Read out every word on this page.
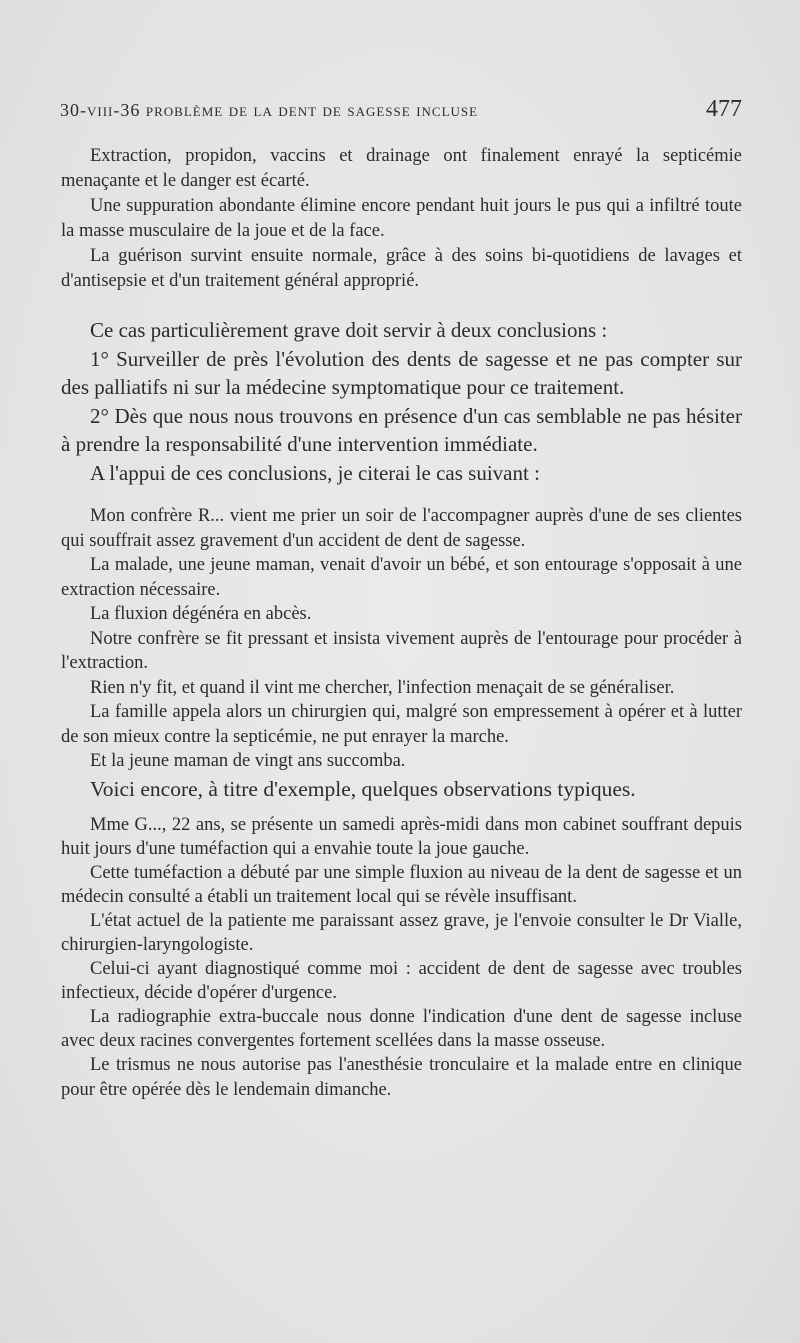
30-viii-36 problème de la dent de sagesse incluse	477

Extraction, propidon, vaccins et drainage ont finalement enrayé la septicémie menaçante et le danger est écarté.

Une suppuration abondante élimine encore pendant huit jours le pus qui a infiltré toute la masse musculaire de la joue et de la face.

La guérison survint ensuite normale, grâce à des soins bi-quotidiens de lavages et d'antisepsie et d'un traitement général approprié.

Ce cas particulièrement grave doit servir à deux conclusions :

1° Surveiller de près l'évolution des dents de sagesse et ne pas compter sur des palliatifs ni sur la médecine symptomatique pour ce traitement.

2° Dès que nous nous trouvons en présence d'un cas semblable ne pas hésiter à prendre la responsabilité d'une intervention immédiate.

A l'appui de ces conclusions, je citerai le cas suivant :

Mon confrère R... vient me prier un soir de l'accompagner auprès d'une de ses clientes qui souffrait assez gravement d'un accident de dent de sagesse.

La malade, une jeune maman, venait d'avoir un bébé, et son entourage s'opposait à une extraction nécessaire.

La fluxion dégénéra en abcès.

Notre confrère se fit pressant et insista vivement auprès de l'entourage pour procéder à l'extraction.

Rien n'y fit, et quand il vint me chercher, l'infection menaçait de se généraliser.

La famille appela alors un chirurgien qui, malgré son empressement à opérer et à lutter de son mieux contre la septicémie, ne put enrayer la marche.

Et la jeune maman de vingt ans succomba.

Voici encore, à titre d'exemple, quelques observations typiques.

Mme G..., 22 ans, se présente un samedi après-midi dans mon cabinet souffrant depuis huit jours d'une tuméfaction qui a envahie toute la joue gauche.

Cette tuméfaction a débuté par une simple fluxion au niveau de la dent de sagesse et un médecin consulté a établi un traitement local qui se révèle insuffisant.

L'état actuel de la patiente me paraissant assez grave, je l'envoie consulter le Dr Vialle, chirurgien-laryngologiste.

Celui-ci ayant diagnostiqué comme moi : accident de dent de sagesse avec troubles infectieux, décide d'opérer d'urgence.

La radiographie extra-buccale nous donne l'indication d'une dent de sagesse incluse avec deux racines convergentes fortement scellées dans la masse osseuse.

Le trismus ne nous autorise pas l'anesthésie tronculaire et la malade entre en clinique pour être opérée dès le lendemain dimanche.
